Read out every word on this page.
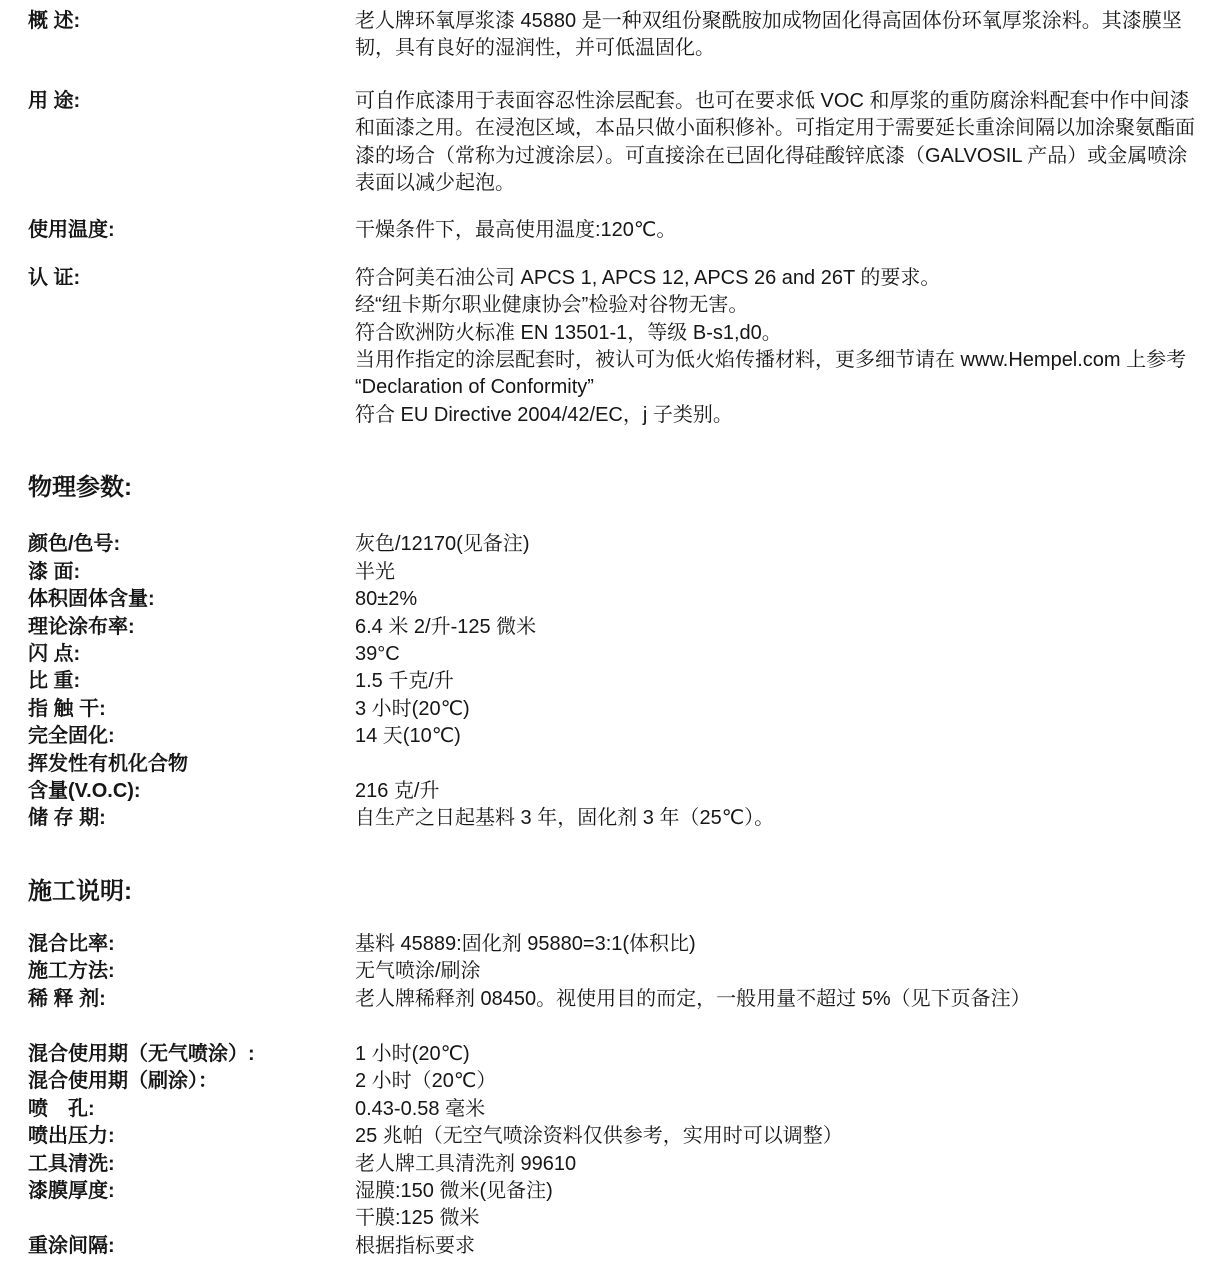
概 述:	老人牌环氧厚浆漆 45880 是一种双组份聚酰胺加成物固化得高固体份环氧厚浆涂料。其漆膜坚韧，具有良好的湿润性，并可低温固化。
用 途:	可自作底漆用于表面容忍性涂层配套。也可在要求低 VOC 和厚浆的重防腐涂料配套中作中间漆和面漆之用。在浸泡区域，本品只做小面积修补。可指定用于需要延长重涂间隔以加涂聚氨酯面漆的场合（常称为过渡涂层）。可直接涂在已固化得硅酸锌底漆（GALVOSIL 产品）或金属喷涂表面以减少起泡。
使用温度:	干燥条件下，最高使用温度:120℃。
认 证:	符合阿美石油公司 APCS 1, APCS 12, APCS 26 and 26T 的要求。
经“纽卡斯尔职业健康协会”检验对谷物无害。
符合欧洲防火标准 EN 13501-1，等级 B-s1,d0。
当用作指定的涂层配套时，被认可为低火焰传播材料，更多细节请在 www.Hempel.com 上参考
“Declaration of Conformity”
符合 EU Directive 2004/42/EC，j 子类别。
物理参数:
颜色/色号:	灰色/12170(见备注)
漆 面:	半光
体积固体含量:	80±2%
理论涂布率:	6.4 米 2/升-125 微米
闪 点:	39°C
比 重:	1.5 千克/升
指 触 干:	3 小时(20℃)
完全固化:	14 天(10℃)
挥发性有机化合物
含量(V.O.C):	216 克/升
储 存 期:	自生产之日起基料 3 年，固化剂 3 年（25℃）。
施工说明:
混合比率:	基料 45889:固化剂 95880=3:1(体积比)
施工方法:	无气喷涂/刷涂
稀 释 剂:	老人牌稀释剂 08450。视使用目的而定，一般用量不超过 5%（见下页备注）
混合使用期（无气喷涂）:	1 小时(20℃)
混合使用期（刷涂）：	2 小时（20℃）
喷　孔:	0.43-0.58 毫米
喷出压力:	25 兆帕（无空气喷涂资料仅供参考，实用时可以调整）
工具清洗:	老人牌工具清洗剂 99610
漆膜厚度:	湿膜:150 微米(见备注)
干膜:125 微米
重涂间隔:	根据指标要求
